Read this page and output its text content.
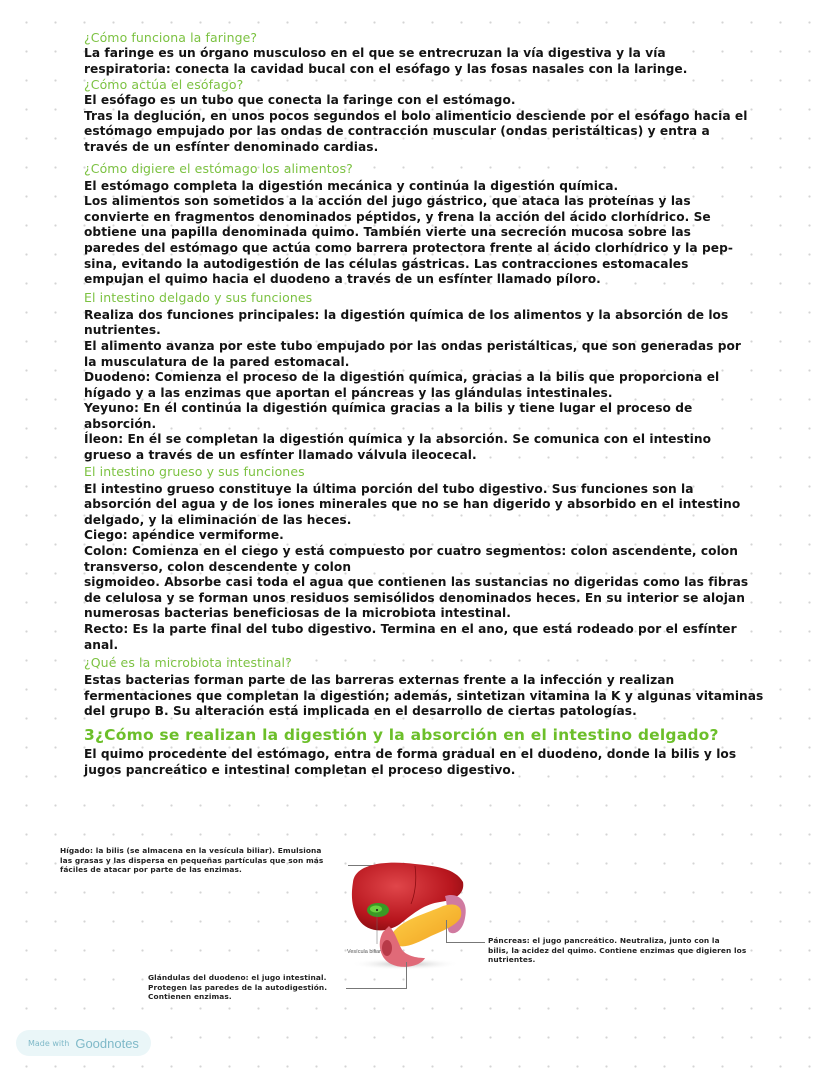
¿Cómo funciona la faringe?

La faringe es un órgano musculoso en el que se entrecruzan la vía digestiva y la vía

respiratoria: conecta la cavidad bucal con el esófago y las fosas nasales con la laringe.

¿Cómo actúa el esófago?

El esófago es un tubo que conecta la faringe con el estómago.

Tras la deglución, en unos pocos segundos el bolo alimenticio desciende por el esófago hacia el

estómago empujado por las ondas de contracción muscular (ondas peristálticas) y entra a

través de un esfínter denominado cardias.

¿Cómo digiere el estómago los alimentos?

El estómago completa la digestión mecánica y continúa la digestión química.

Los alimentos son sometidos a la acción del jugo gástrico, que ataca las proteínas y las

convierte en fragmentos denominados péptidos, y frena la acción del ácido clorhídrico. Se

obtiene una papilla denominada quimo. También vierte una secreción mucosa sobre las

paredes del estómago que actúa como barrera protectora frente al ácido clorhídrico y la pep-

sina, evitando la autodigestión de las células gástricas. Las contracciones estomacales

empujan el quimo hacia el duodeno a través de un esfínter llamado píloro.

El intestino delgado y sus funciones

Realiza dos funciones principales: la digestión química de los alimentos y la absorción de los

nutrientes.

El alimento avanza por este tubo empujado por las ondas peristálticas, que son generadas por

la musculatura de la pared estomacal.

Duodeno: Comienza el proceso de la digestión química, gracias a la bilis que proporciona el

hígado y a las enzimas que aportan el páncreas y las glándulas intestinales.

Yeyuno: En él continúa la digestión química gracias a la bilis y tiene lugar el proceso de

absorción.

Íleon: En él se completan la digestión química y la absorción. Se comunica con el intestino

grueso a través de un esfínter llamado válvula ileocecal.

El intestino grueso y sus funciones

El intestino grueso constituye la última porción del tubo digestivo. Sus funciones son la

absorción del agua y de los iones minerales que no se han digerido y absorbido en el intestino

delgado, y la eliminación de las heces.

Ciego: apéndice vermiforme.

Colon: Comienza en el ciego y está compuesto por cuatro segmentos: colon ascendente, colon

transverso, colon descendente y colon

sigmoideo. Absorbe casi toda el agua que contienen las sustancias no digeridas como las fibras

de celulosa y se forman unos residuos semisólidos denominados heces. En su interior se alojan

numerosas bacterias beneficiosas de la microbiota intestinal.

Recto: Es la parte final del tubo digestivo. Termina en el ano, que está rodeado por el esfínter

anal.

¿Qué es la microbiota intestinal?

Estas bacterias forman parte de las barreras externas frente a la infección y realizan

fermentaciones que completan la digestión; además, sintetizan vitamina la K y algunas vitaminas

del grupo B. Su alteración está implicada en el desarrollo de ciertas patologías.

3¿Cómo se realizan la digestión y la absorción en el intestino delgado?

El quimo procedente del estómago, entra de forma gradual en el duodeno, donde la bilis y los

jugos pancreático e intestinal completan el proceso digestivo.

Hígado: la bilis (se almacena en la vesícula biliar). Emulsiona
las grasas y las dispersa en pequeñas partículas que son más
fáciles de atacar por parte de las enzimas.
Vesícula biliar
Páncreas: el jugo pancreático. Neutraliza, junto con la
bilis, la acidez del quimo. Contiene enzimas que digieren los
nutrientes.
Glándulas del duodeno: el jugo intestinal.
Protegen las paredes de la autodigestión.
Contienen enzimas.
Made with Goodnotes
